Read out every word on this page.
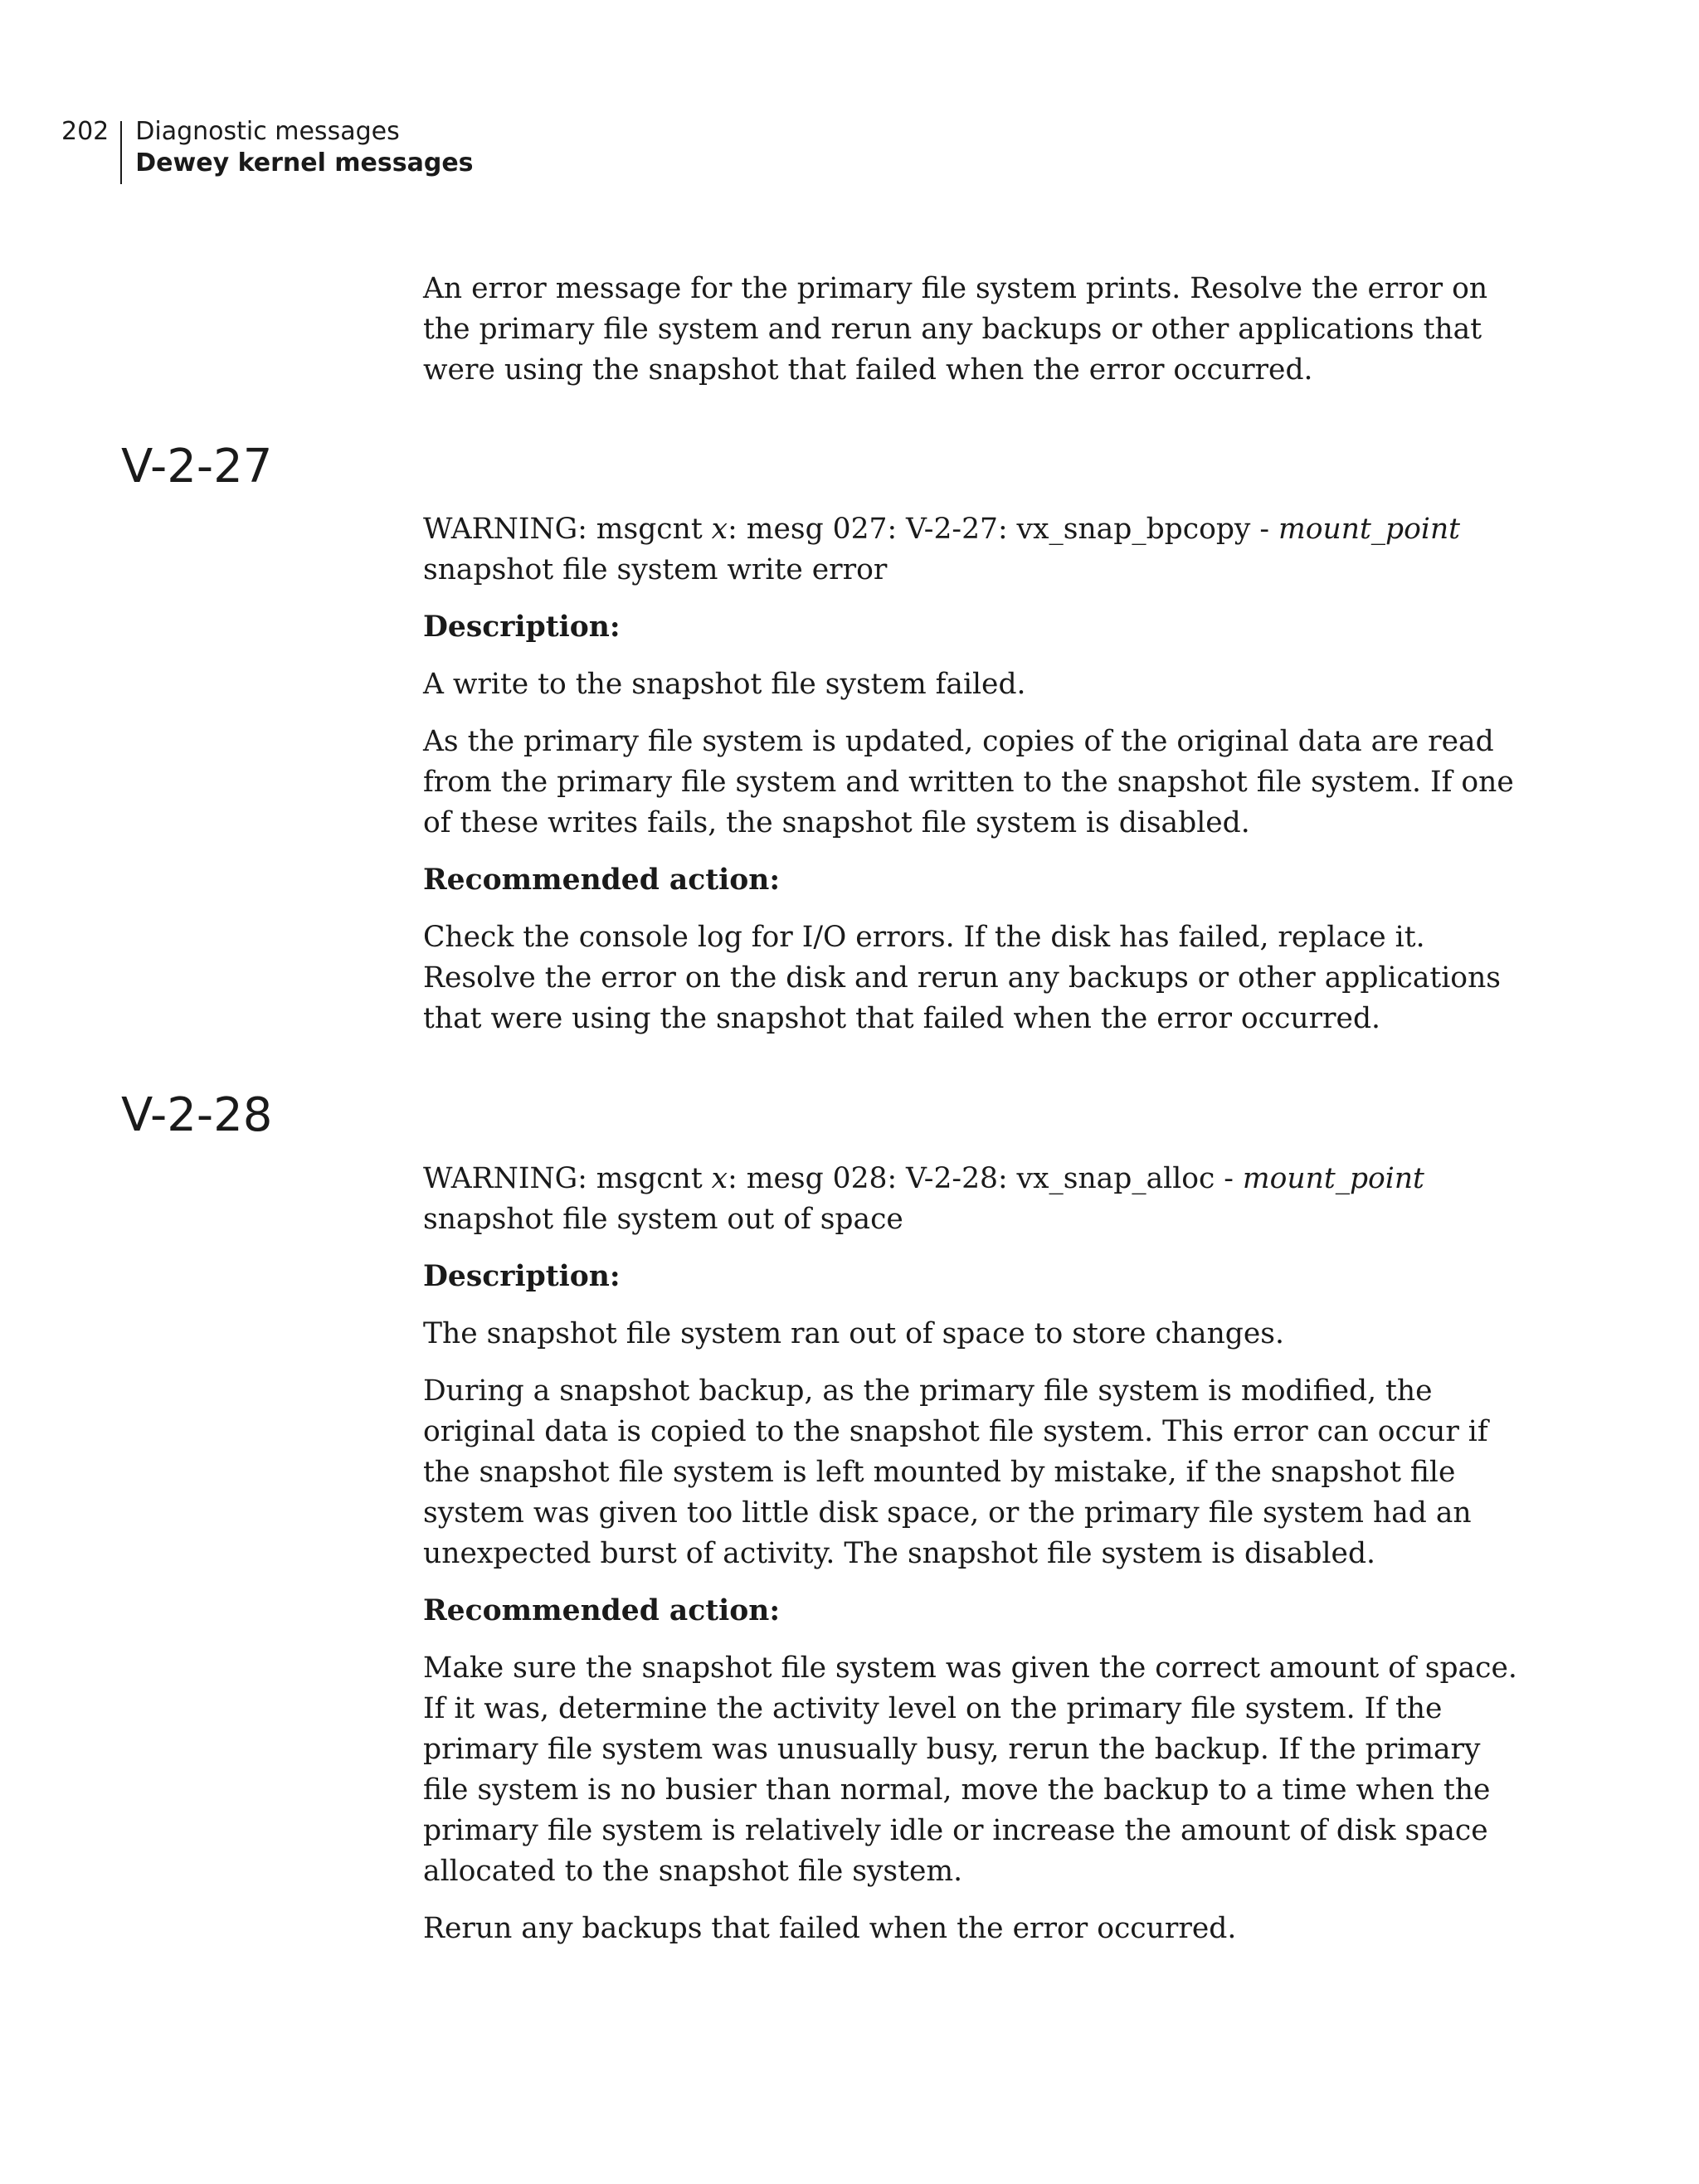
202	Diagnostic messages
Dewey kernel messages

An error message for the primary file system prints. Resolve the error on the primary file system and rerun any backups or other applications that were using the snapshot that failed when the error occurred.

V-2-27

WARNING: msgcnt x: mesg 027: V-2-27: vx_snap_bpcopy - mount_point snapshot file system write error

Description:

A write to the snapshot file system failed.

As the primary file system is updated, copies of the original data are read from the primary file system and written to the snapshot file system. If one of these writes fails, the snapshot file system is disabled.

Recommended action:

Check the console log for I/O errors. If the disk has failed, replace it. Resolve the error on the disk and rerun any backups or other applications that were using the snapshot that failed when the error occurred.

V-2-28

WARNING: msgcnt x: mesg 028: V-2-28: vx_snap_alloc - mount_point snapshot file system out of space

Description:

The snapshot file system ran out of space to store changes.

During a snapshot backup, as the primary file system is modified, the original data is copied to the snapshot file system. This error can occur if the snapshot file system is left mounted by mistake, if the snapshot file system was given too little disk space, or the primary file system had an unexpected burst of activity. The snapshot file system is disabled.

Recommended action:

Make sure the snapshot file system was given the correct amount of space. If it was, determine the activity level on the primary file system. If the primary file system was unusually busy, rerun the backup. If the primary file system is no busier than normal, move the backup to a time when the primary file system is relatively idle or increase the amount of disk space allocated to the snapshot file system.

Rerun any backups that failed when the error occurred.
